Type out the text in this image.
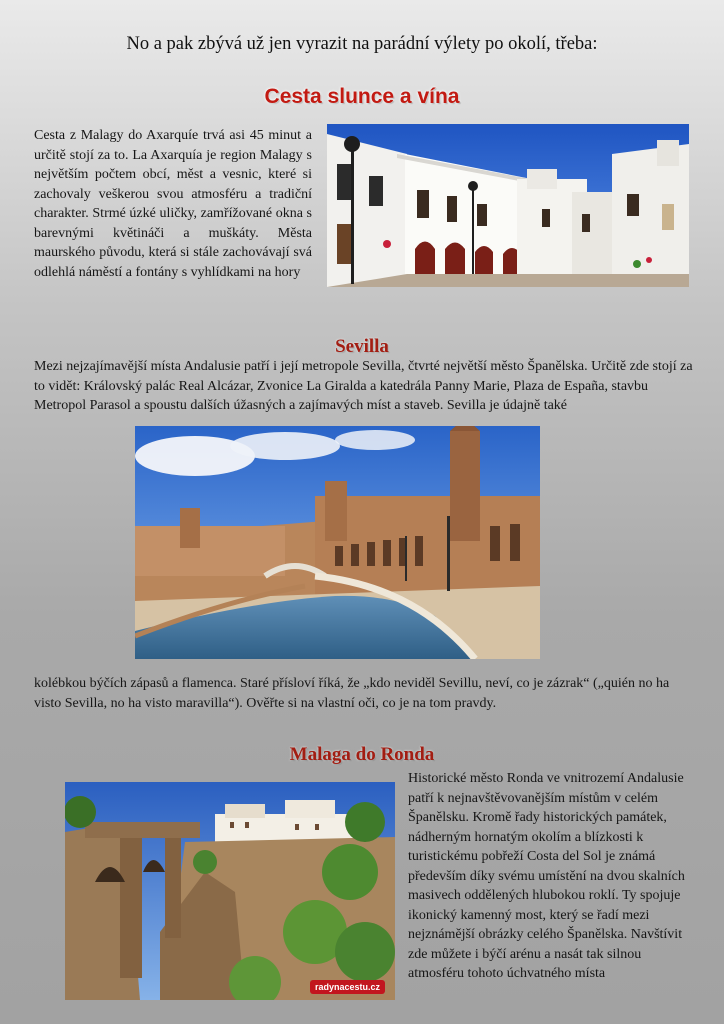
No a pak zbývá už jen vyrazit na parádní výlety po okolí, třeba:
Cesta slunce a vína
Cesta z Malagy do Axarquíe trvá asi 45 minut a určitě stojí za to. La Axarquía je region Malagy s největším počtem obcí, měst a vesnic, které si zachovaly veškerou svou atmosféru a tradiční charakter. Strmé úzké uličky, zamřížované okna s barevnými květináči a muškáty. Města maurského původu, která si stále zachovávají svá odlehlá náměstí a fontány s vyhlídkami na hory
Sevilla
Mezi nejzajímavější místa Andalusie patří i její metropole Sevilla, čtvrté největší město Španělska. Určitě zde stojí za to vidět: Královský palác Real Alcázar, Zvonice La Giralda a katedrála Panny Marie, Plaza de España, stavbu Metropol Parasol a spoustu dalších úžasných a zajímavých míst a staveb. Sevilla je údajně také
kolébkou býčích zápasů a flamenca. Staré přísloví říká, že „kdo neviděl Sevillu, neví, co je zázrak“ („quién no ha visto Sevilla, no ha visto maravilla“). Ověřte si na vlastní oči, co je na tom pravdy.
Malaga do Ronda
radynacestu.cz
Historické město Ronda ve vnitrozemí Andalusie patří k nejnavštěvovanějším místům v celém Španělsku. Kromě řady historických památek, nádherným hornatým okolím a blízkosti k turistickému pobřeží Costa del Sol je známá především díky svému umístění na dvou skalních masivech oddělených hlubokou roklí. Ty spojuje ikonický kamenný most, který se řadí mezi nejznámější obrázky celého Španělska. Navštívit zde můžete i býčí arénu a nasát tak silnou atmosféru tohoto úchvatného místa
